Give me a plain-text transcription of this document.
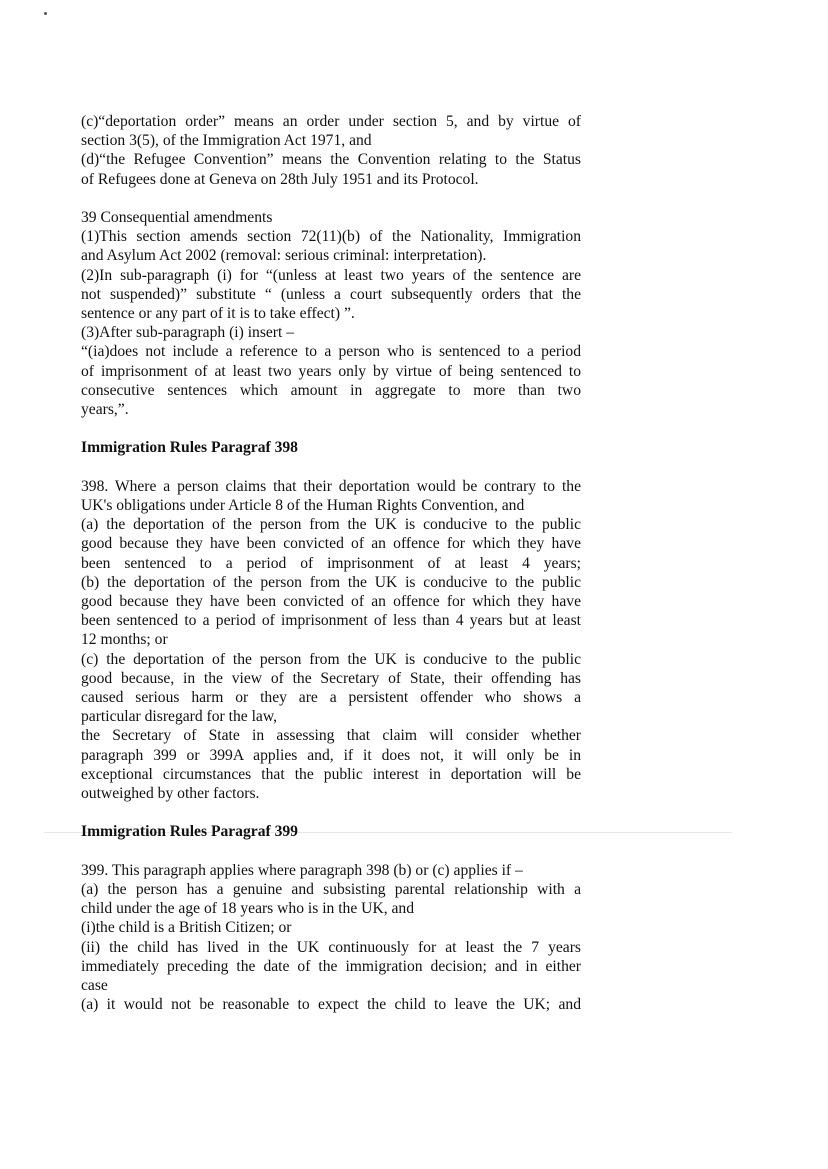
(c)“deportation order” means an order under section 5, and by virtue of
section 3(5), of the Immigration Act 1971, and
(d)“the Refugee Convention” means the Convention relating to the Status
of Refugees done at Geneva on 28th July 1951 and its Protocol.
39 Consequential amendments
(1)This section amends section 72(11)(b) of the Nationality, Immigration
and Asylum Act 2002 (removal: serious criminal: interpretation).
(2)In sub-paragraph (i) for “(unless at least two years of the sentence are
not suspended)” substitute “ (unless a court subsequently orders that the
sentence or any part of it is to take effect) ”.
(3)After sub-paragraph (i) insert –
“(ia)does not include a reference to a person who is sentenced to a period
of imprisonment of at least two years only by virtue of being sentenced to
consecutive sentences which amount in aggregate to more than two
years,”.
Immigration Rules Paragraf 398
398. Where a person claims that their deportation would be contrary to the
UK's obligations under Article 8 of the Human Rights Convention, and
(a) the deportation of the person from the UK is conducive to the public
good because they have been convicted of an offence for which they have
been sentenced to a period of imprisonment of at least 4 years;
(b) the deportation of the person from the UK is conducive to the public
good because they have been convicted of an offence for which they have
been sentenced to a period of imprisonment of less than 4 years but at least
12 months; or
(c) the deportation of the person from the UK is conducive to the public
good because, in the view of the Secretary of State, their offending has
caused serious harm or they are a persistent offender who shows a
particular disregard for the law,
the Secretary of State in assessing that claim will consider whether
paragraph 399 or 399A applies and, if it does not, it will only be in
exceptional circumstances that the public interest in deportation will be
outweighed by other factors.
Immigration Rules Paragraf 399
399. This paragraph applies where paragraph 398 (b) or (c) applies if –
(a) the person has a genuine and subsisting parental relationship with a
child under the age of 18 years who is in the UK, and
(i)the child is a British Citizen; or
(ii) the child has lived in the UK continuously for at least the 7 years
immediately preceding the date of the immigration decision; and in either
case
(a) it would not be reasonable to expect the child to leave the UK; and
